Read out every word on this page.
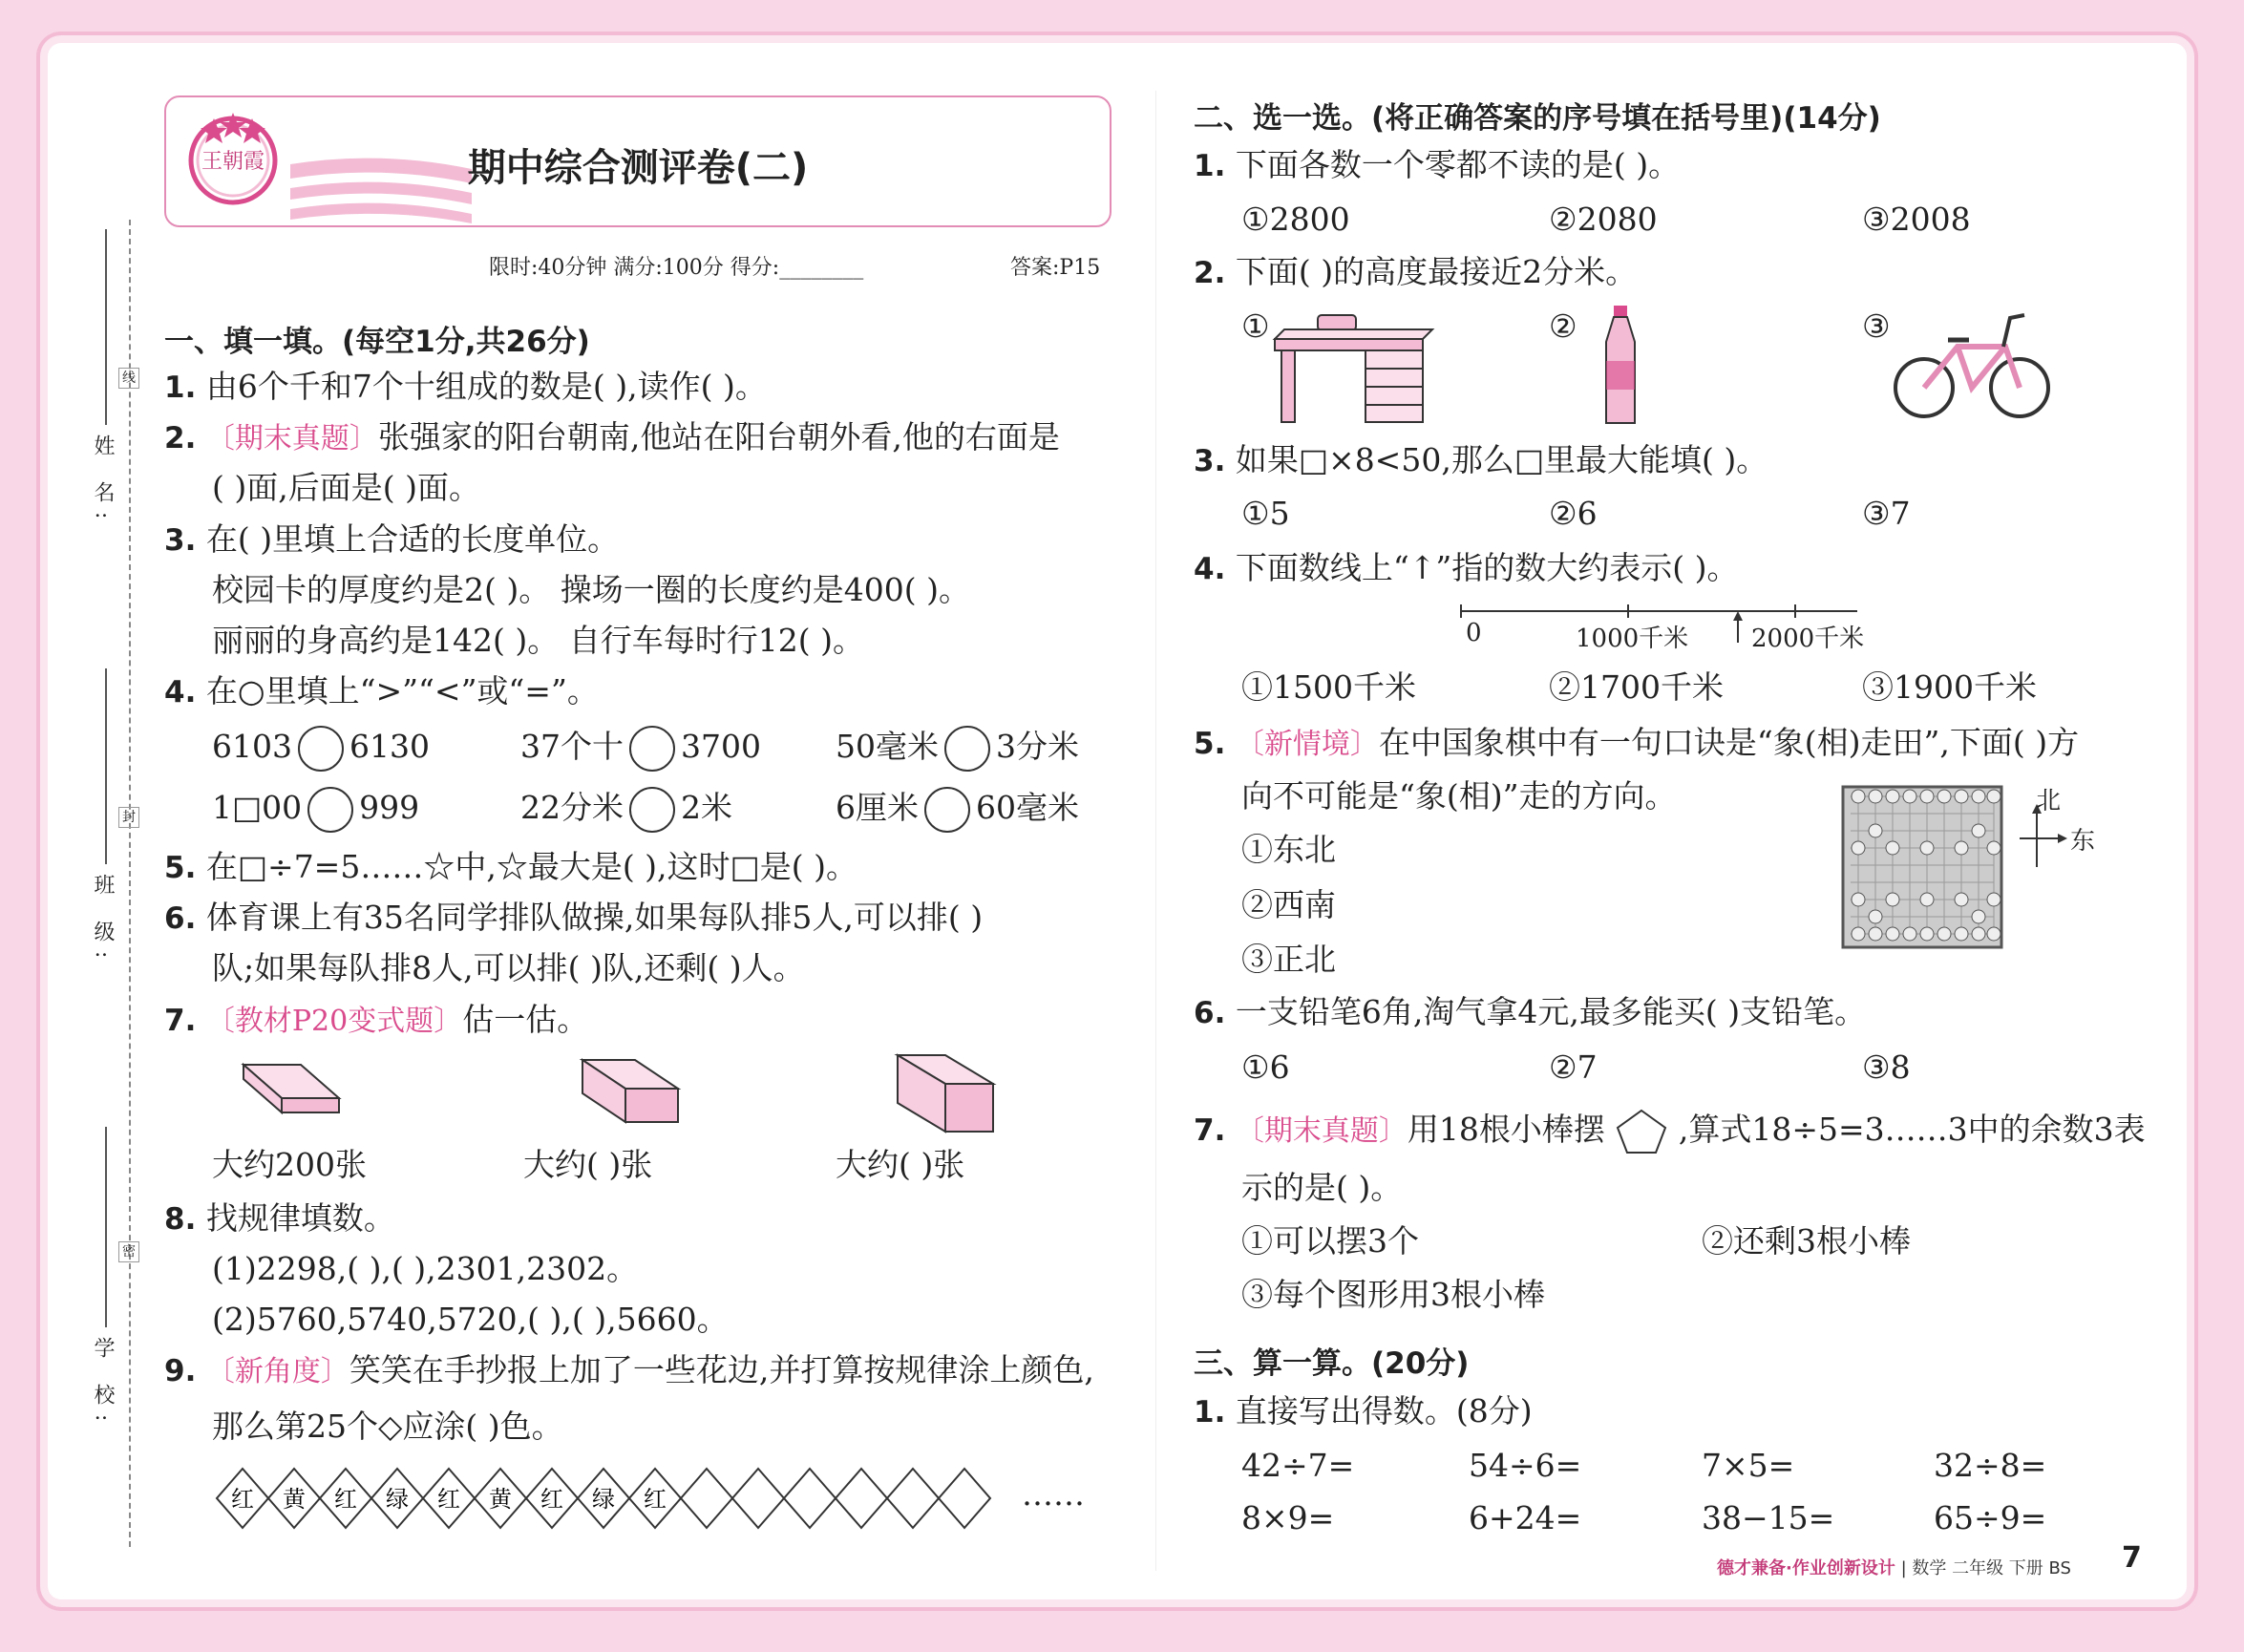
姓 名:
班 级:
学 校:
线
封
密
王朝霞	期中综合测评卷(二)
限时:40分钟 满分:100分 得分:________	答案:P15
一、填一填。(每空1分,共26分)
1. 由6个千和7个十组成的数是( ),读作( )。
2. 〔期末真题〕张强家的阳台朝南,他站在阳台朝外看,他的右面是
( )面,后面是( )面。
3. 在( )里填上合适的长度单位。
校园卡的厚度约是2( )。 操场一圈的长度约是400( )。
丽丽的身高约是142( )。 自行车每时行12( )。
4. 在○里填上“>”“<”或“=”。
6103 6130	37个十 3700 50毫米 3分米
1□00 999	22分米 2米	6厘米 60毫米
5. 在□÷7=5……☆中,☆最大是( ),这时□是( )。
6. 体育课上有35名同学排队做操,如果每队排5人,可以排( )
队;如果每队排8人,可以排( )队,还剩( )人。
7. 〔教材P20变式题〕估一估。
大约200张	大约( )张	大约( )张
8. 找规律填数。
(1)2298,( ),( ),2301,2302。
(2)5760,5740,5720,( ),( ),5660。
9. 〔新角度〕笑笑在手抄报上加了一些花边,并打算按规律涂上颜色,
那么第25个◇应涂( )色。
红 黄 红 绿 红 黄 红 绿 红	……
二、选一选。(将正确答案的序号填在括号里)(14分)
1. 下面各数一个零都不读的是( )。
①2800	②2080	③2008
2. 下面( )的高度最接近2分米。
①	②	③
3. 如果□×8<50,那么□里最大能填( )。
①5	②6	③7
4. 下面数线上“↑”指的数大约表示( )。
0	1000千米	2000千米
①1500千米	②1700千米	③1900千米
5. 〔新情境〕在中国象棋中有一句口诀是“象(相)走田”,下面( )方
向不可能是“象(相)”走的方向。
①东北
②西南
③正北
北
东
6. 一支铅笔6角,淘气拿4元,最多能买( )支铅笔。
①6	②7	③8
7. 〔期末真题〕用18根小棒摆 ,算式18÷5=3……3中的余数3表
示的是( )。
①可以摆3个	②还剩3根小棒
③每个图形用3根小棒
三、算一算。(20分)
1. 直接写出得数。(8分)
42÷7=	54÷6=	7×5=	32÷8=
8×9=	6+24=	38−15=	65÷9=
德才兼备·作业创新设计 | 数学 二年级 下册 BS 7
